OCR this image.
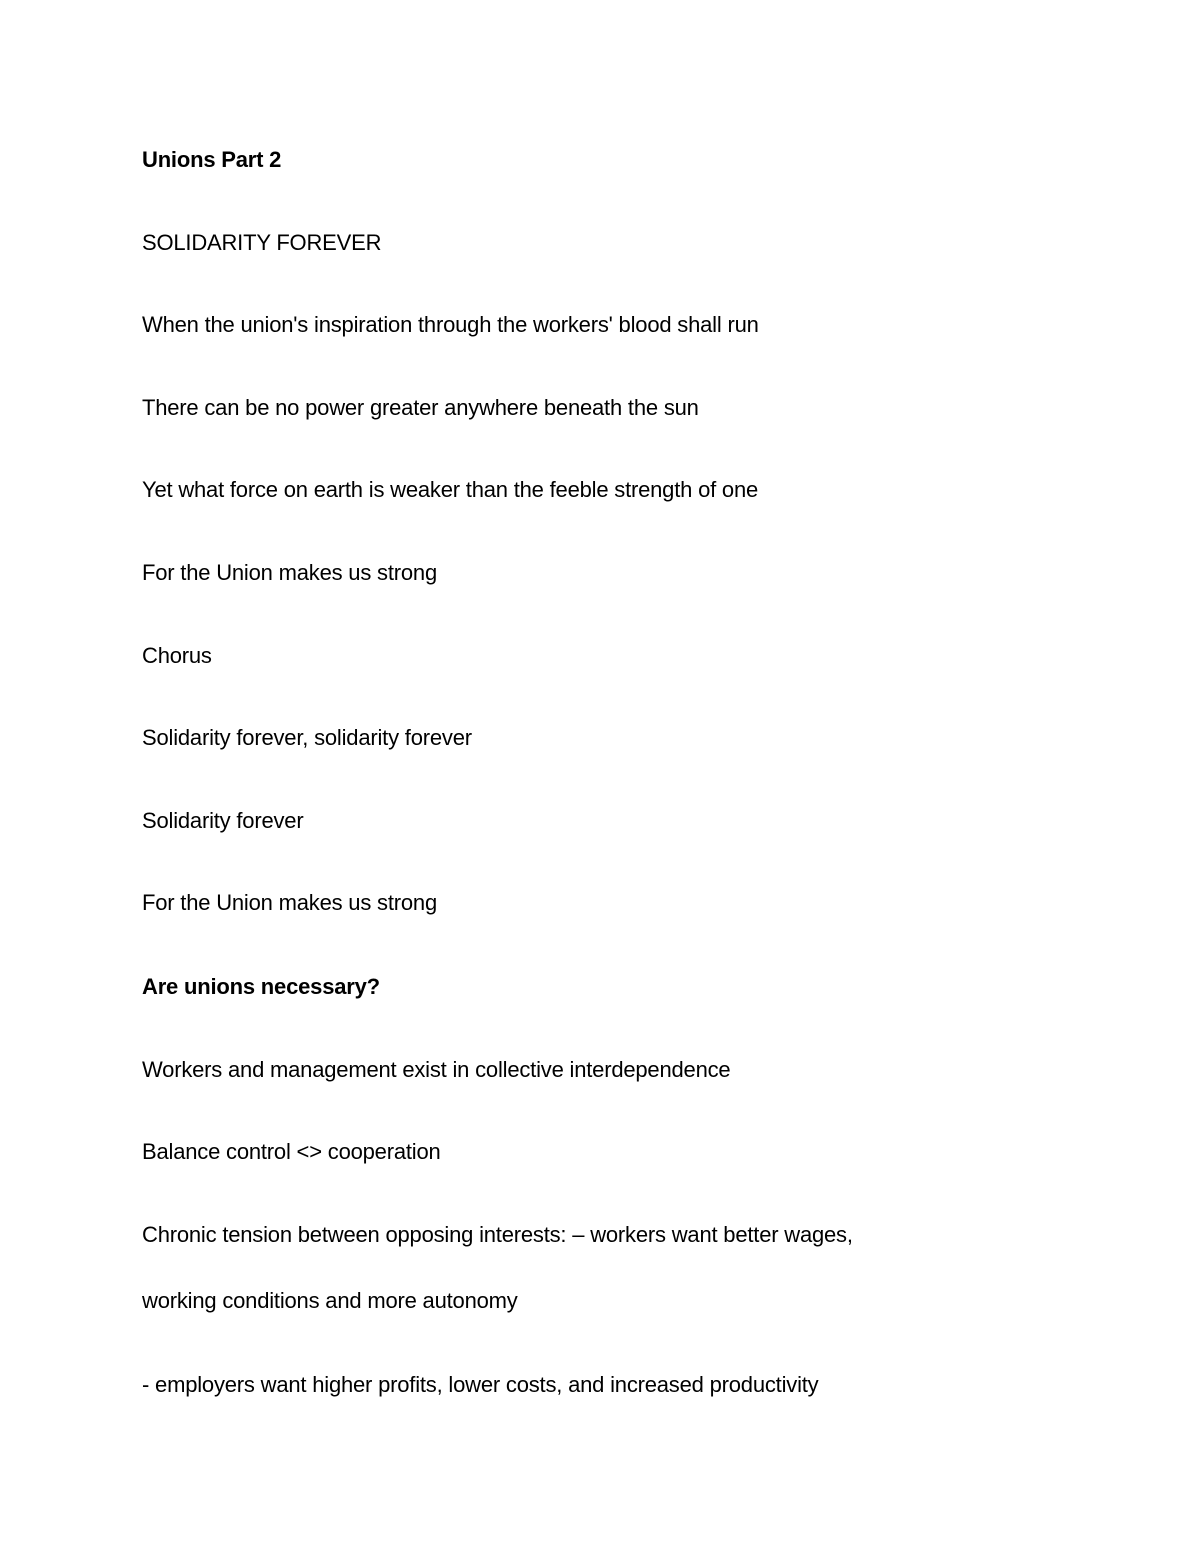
Unions Part 2
SOLIDARITY FOREVER
When the union's inspiration through the workers' blood shall run
There can be no power greater anywhere beneath the sun
Yet what force on earth is weaker than the feeble strength of one
For the Union makes us strong
Chorus
Solidarity forever, solidarity forever
Solidarity forever
For the Union makes us strong
Are unions necessary?
Workers and management exist in collective interdependence
Balance control <> cooperation
Chronic tension between opposing interests: – workers want better wages,
working conditions and more autonomy
- employers want higher profits, lower costs, and increased productivity
